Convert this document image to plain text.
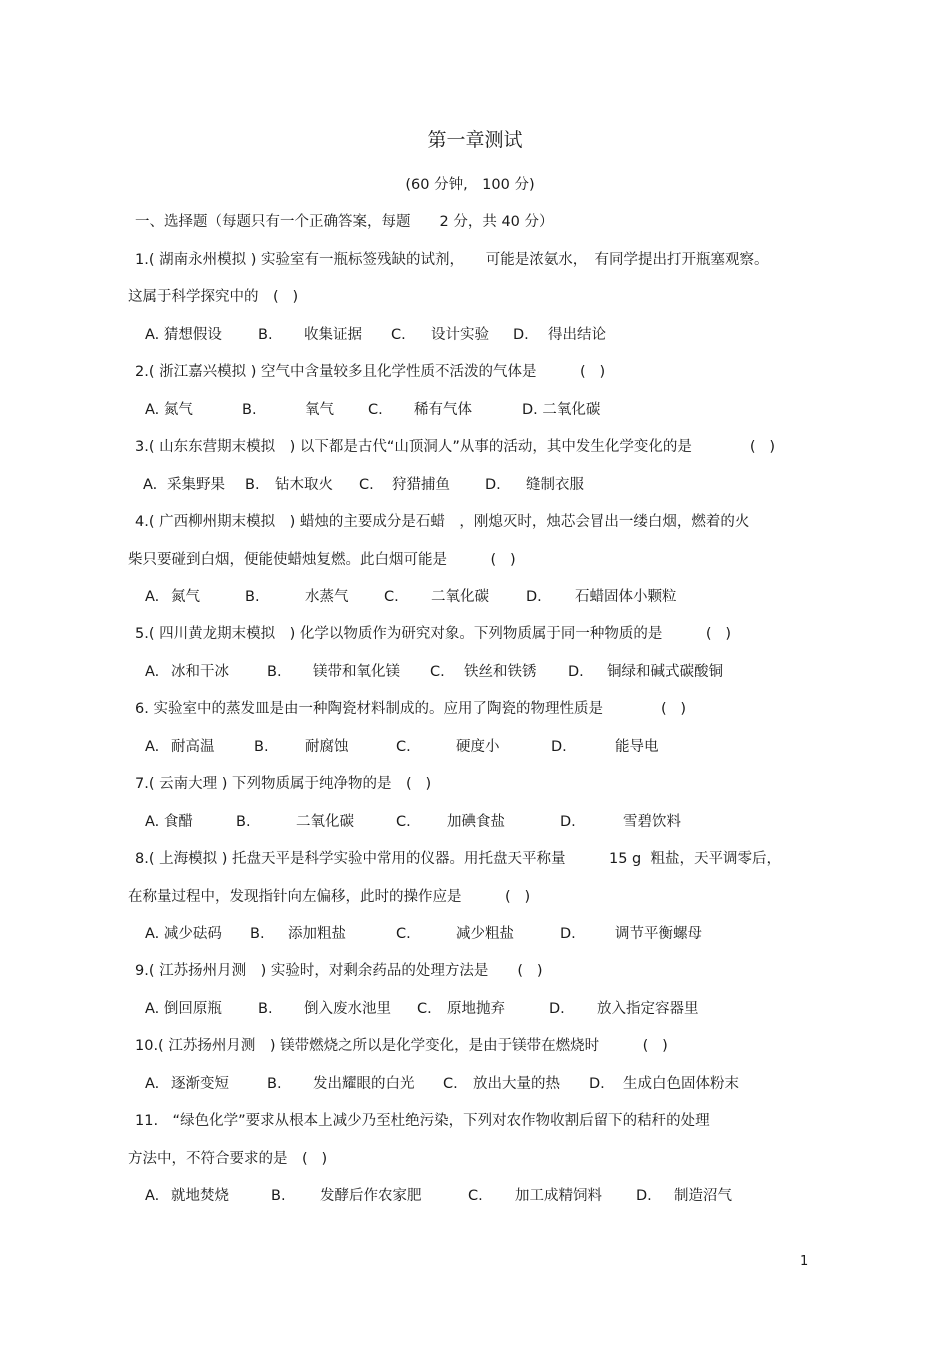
第一章测试
(60 分钟,　100 分)
一、选择题（每题只有一个正确答案，每题　　2 分，共 40 分）
1.( 湖南永州模拟 ) 实验室有一瓶标签残缺的试剂，　　可能是浓氨水，　有同学提出打开瓶塞观察。
这属于科学探究中的　(   )
A. 猜想假设 B. 收集证据 C. 设计实验 D. 得出结论
2.( 浙江嘉兴模拟 ) 空气中含量较多且化学性质不活泼的气体是　　　(   )
A. 氮气	B.	氧气 C. 稀有气体	D. 二氧化碳
3.( 山东东营期末模拟　) 以下都是古代“山顶洞人”从事的活动，其中发生化学变化的是　　　　(   )
A. 采集野果 B. 钻木取火 C. 狩猎捕鱼 D. 缝制衣服
4.( 广西柳州期末模拟　) 蜡烛的主要成分是石蜡　，刚熄灭时，烛芯会冒出一缕白烟，燃着的火
柴只要碰到白烟，便能使蜡烛复燃。此白烟可能是　　　(   )
A. 氮气	B.	水蒸气 C. 二氧化碳	D. 石蜡固体小颗粒
5.( 四川黄龙期末模拟　) 化学以物质作为研究对象。下列物质属于同一种物质的是　　　(   )
A. 冰和干冰	B. 镁带和氧化镁 C. 铁丝和铁锈 D. 铜绿和碱式碳酸铜
6. 实验室中的蒸发皿是由一种陶瓷材料制成的。应用了陶瓷的物理性质是　　　　(   )
A. 耐高温	B.	耐腐蚀	C.	硬度小	D.	能导电
7.( 云南大理 ) 下列物质属于纯净物的是　(   )
A. 食醋	B.	二氧化碳	C.	加碘食盐	D.	雪碧饮料
8.( 上海模拟 ) 托盘天平是科学实验中常用的仪器。用托盘天平称量　　　15 g  粗盐，天平调零后，
在称量过程中，发现指针向左偏移，此时的操作应是　　　(   )
A. 减少砝码 B. 添加粗盐	C.	减少粗盐	D.	调节平衡螺母
9.( 江苏扬州月测　) 实验时，对剩余药品的处理方法是　　(   )
A. 倒回原瓶 B. 倒入废水池里 C. 原地抛弃	D. 放入指定容器里
10.( 江苏扬州月测　) 镁带燃烧之所以是化学变化，是由于镁带在燃烧时　　　(   )
A. 逐渐变短	B. 发出耀眼的白光 C. 放出大量的热 D. 生成白色固体粉末
11.　“绿色化学”要求从根本上减少乃至杜绝污染，下列对农作物收割后留下的秸秆的处理
方法中，不符合要求的是　(   )
A. 就地焚烧	B. 发酵后作农家肥	C. 加工成精饲料 D. 制造沼气
1
